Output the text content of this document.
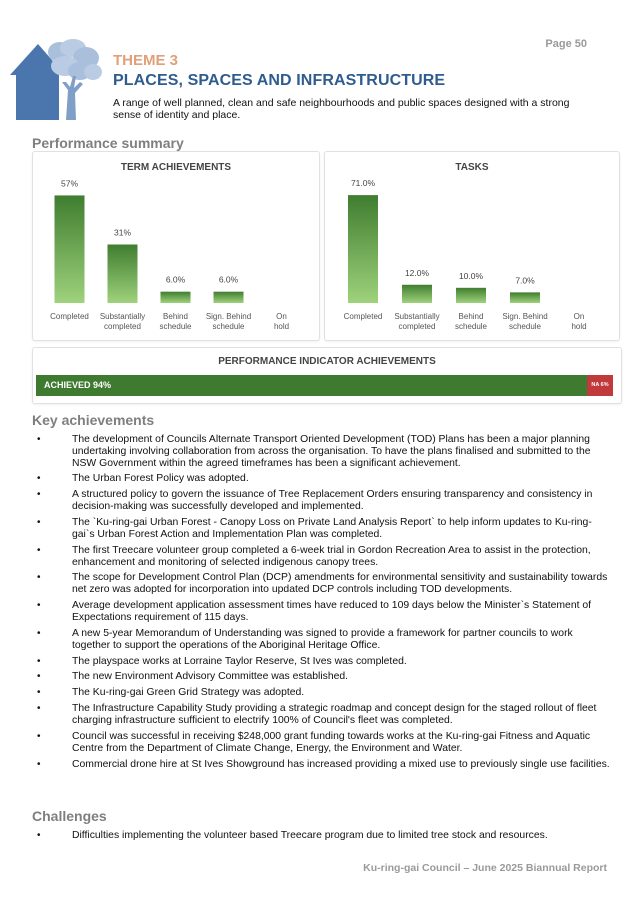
Page 50
THEME 3
PLACES, SPACES AND INFRASTRUCTURE
A range of well planned, clean and safe neighbourhoods and public spaces designed with a strong sense of identity and place.
Performance summary
TERM ACHIEVEMENTS
57%
Completed
31%
Substantially
completed
6.0%
Behind
schedule
6.0%
Sign. Behind
schedule
On
hold
TASKS
71.0%
Completed
12.0%
Substantially
completed
10.0%
Behind
schedule
7.0%
Sign. Behind
schedule
On
hold
PERFORMANCE INDICATOR ACHIEVEMENTS
ACHIEVED 94%	NA 6%
Key achievements
•	The development of Councils Alternate Transport Oriented Development (TOD) Plans has been a major planning undertaking involving collaboration from across the organisation. To have the plans finalised and submitted to the NSW Government within the agreed timeframes has been a significant achievement.
•	The Urban Forest Policy was adopted.
•	A structured policy to govern the issuance of Tree Replacement Orders ensuring transparency and consistency in decision-making was successfully developed and implemented.
•	The `Ku-ring-gai Urban Forest - Canopy Loss on Private Land Analysis Report` to help inform updates to Ku-ring-gai`s Urban Forest Action and Implementation Plan was completed.
•	The first Treecare volunteer group completed a 6-week trial in Gordon Recreation Area to assist in the protection, enhancement and monitoring of selected indigenous canopy trees.
•	The scope for Development Control Plan (DCP) amendments for environmental sensitivity and sustainability towards net zero was adopted for incorporation into updated DCP controls including TOD developments.
•	Average development application assessment times have reduced to 109 days below the Minister`s Statement of Expectations requirement of 115 days.
•	A new 5-year Memorandum of Understanding was signed to provide a framework for partner councils to work together to support the operations of the Aboriginal Heritage Office.
•	The playspace works at Lorraine Taylor Reserve, St Ives was completed.
•	The new Environment Advisory Committee was established.
•	The Ku-ring-gai Green Grid Strategy was adopted.
•	The Infrastructure Capability Study providing a strategic roadmap and concept design for the staged rollout of fleet charging infrastructure sufficient to electrify 100% of Council's fleet was completed.
•	Council was successful in receiving $248,000 grant funding towards works at the Ku-ring-gai Fitness and Aquatic Centre from the Department of Climate Change, Energy, the Environment and Water.
•	Commercial drone hire at St Ives Showground has increased providing a mixed use to previously single use facilities.
Challenges
•	Difficulties implementing the volunteer based Treecare program due to limited tree stock and resources.
Ku-ring-gai Council – June 2025 Biannual Report
